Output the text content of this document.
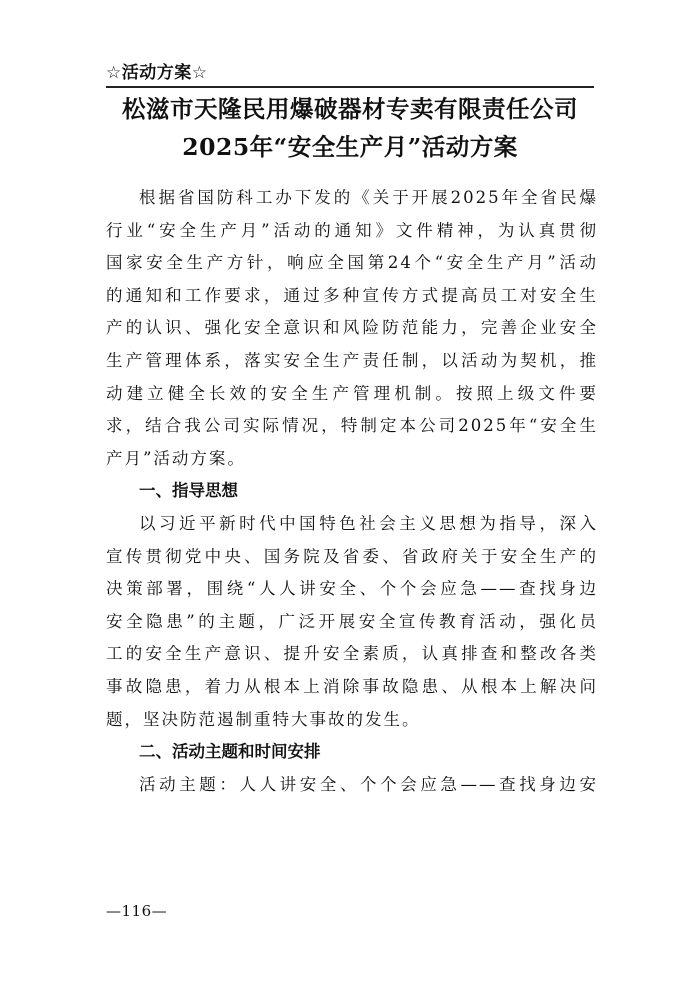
☆活动方案☆
松滋市天隆民用爆破器材专卖有限责任公司
2025年“安全生产月”活动方案

根据省国防科工办下发的《关于开展2025年全省民爆
行业“安全生产月”活动的通知》文件精神，为认真贯彻
国家安全生产方针，响应全国第24个“安全生产月”活动
的通知和工作要求，通过多种宣传方式提高员工对安全生
产的认识、强化安全意识和风险防范能力，完善企业安全
生产管理体系，落实安全生产责任制，以活动为契机，推
动建立健全长效的安全生产管理机制。按照上级文件要
求，结合我公司实际情况，特制定本公司2025年“安全生
产月”活动方案。

一、指导思想

以习近平新时代中国特色社会主义思想为指导，深入
宣传贯彻党中央、国务院及省委、省政府关于安全生产的
决策部署，围绕“人人讲安全、个个会应急——查找身边
安全隐患”的主题，广泛开展安全宣传教育活动，强化员
工的安全生产意识、提升安全素质，认真排查和整改各类
事故隐患，着力从根本上消除事故隐患、从根本上解决问
题，坚决防范遏制重特大事故的发生。

二、活动主题和时间安排

活动主题：人人讲安全、个个会应急——查找身边安

—116—
